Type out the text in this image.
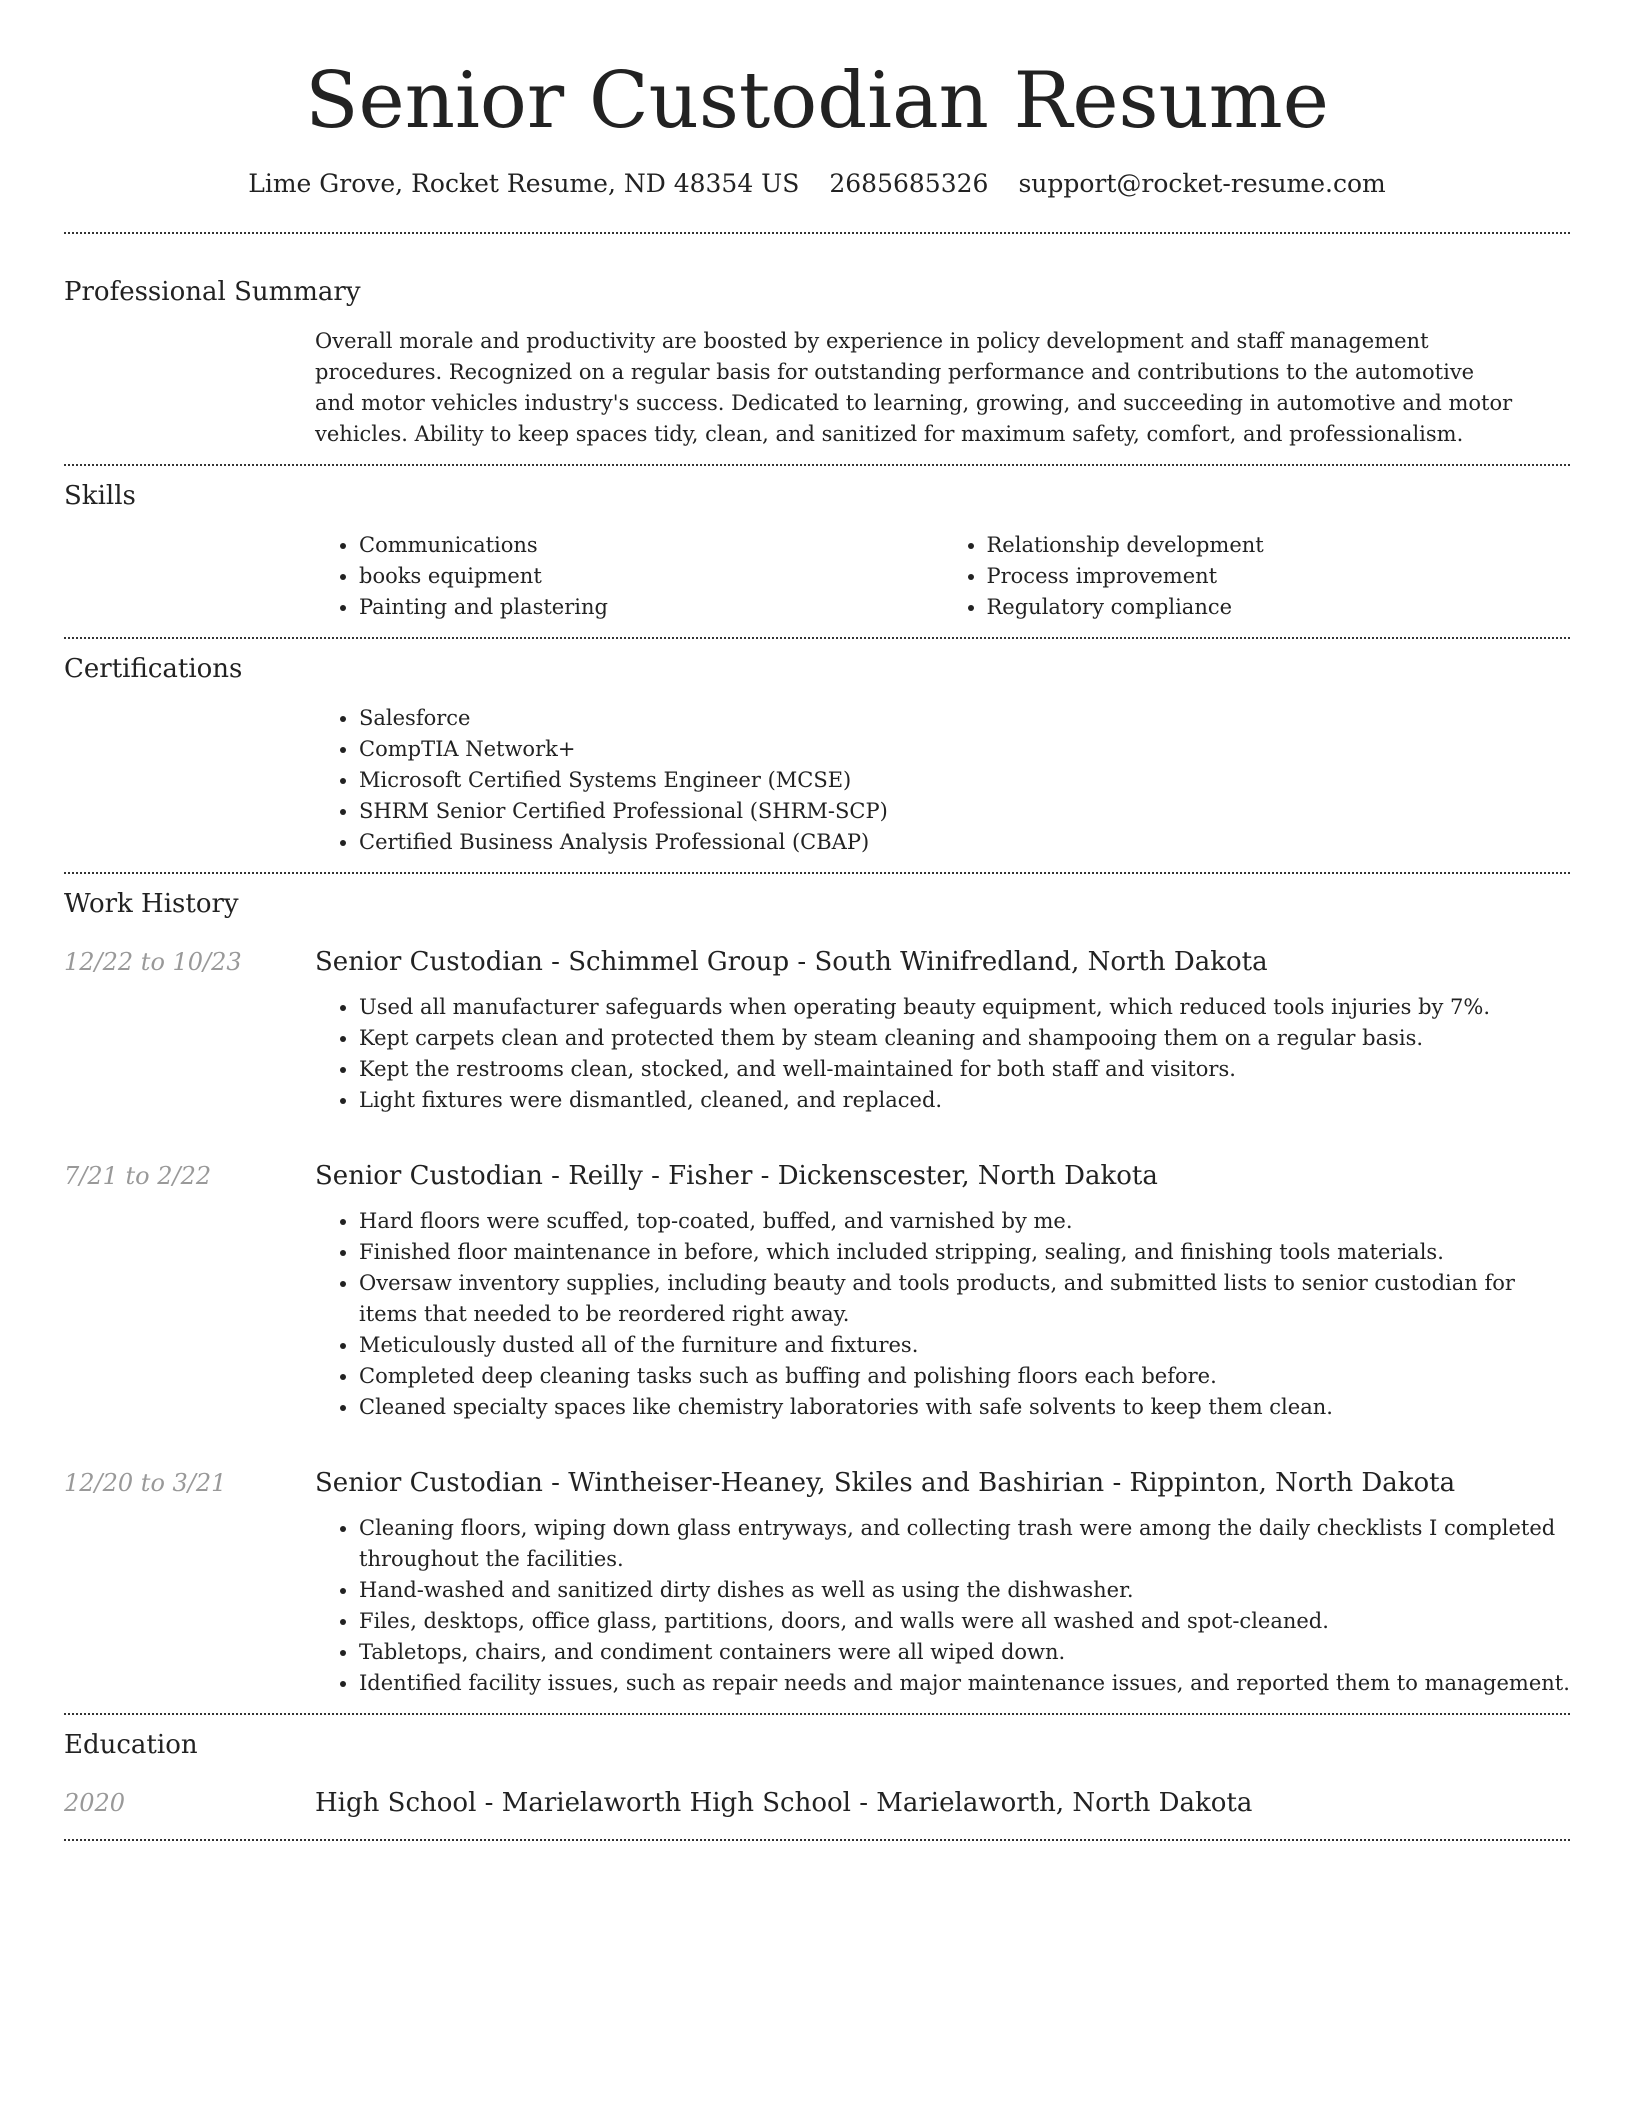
Senior Custodian Resume
Lime Grove, Rocket Resume, ND 48354 US 2685685326 support@rocket-resume.com
Professional Summary
Overall morale and productivity are boosted by experience in policy development and staff management procedures. Recognized on a regular basis for outstanding performance and contributions to the automotive and motor vehicles industry's success. Dedicated to learning, growing, and succeeding in automotive and motor vehicles. Ability to keep spaces tidy, clean, and sanitized for maximum safety, comfort, and professionalism.
Skills
• Communications
• books equipment
• Painting and plastering
• Relationship development
• Process improvement
• Regulatory compliance
Certifications
• Salesforce
• CompTIA Network+
• Microsoft Certified Systems Engineer (MCSE)
• SHRM Senior Certified Professional (SHRM-SCP)
• Certified Business Analysis Professional (CBAP)
Work History
12/22 to 10/23	Senior Custodian - Schimmel Group - South Winifredland, North Dakota
• Used all manufacturer safeguards when operating beauty equipment, which reduced tools injuries by 7%.
• Kept carpets clean and protected them by steam cleaning and shampooing them on a regular basis.
• Kept the restrooms clean, stocked, and well-maintained for both staff and visitors.
• Light fixtures were dismantled, cleaned, and replaced.
7/21 to 2/22	Senior Custodian - Reilly - Fisher - Dickenscester, North Dakota
• Hard floors were scuffed, top-coated, buffed, and varnished by me.
• Finished floor maintenance in before, which included stripping, sealing, and finishing tools materials.
• Oversaw inventory supplies, including beauty and tools products, and submitted lists to senior custodian for items that needed to be reordered right away.
• Meticulously dusted all of the furniture and fixtures.
• Completed deep cleaning tasks such as buffing and polishing floors each before.
• Cleaned specialty spaces like chemistry laboratories with safe solvents to keep them clean.
12/20 to 3/21	Senior Custodian - Wintheiser-Heaney, Skiles and Bashirian - Rippinton, North Dakota
• Cleaning floors, wiping down glass entryways, and collecting trash were among the daily checklists I completed throughout the facilities.
• Hand-washed and sanitized dirty dishes as well as using the dishwasher.
• Files, desktops, office glass, partitions, doors, and walls were all washed and spot-cleaned.
• Tabletops, chairs, and condiment containers were all wiped down.
• Identified facility issues, such as repair needs and major maintenance issues, and reported them to management.
Education
2020	High School - Marielaworth High School - Marielaworth, North Dakota
